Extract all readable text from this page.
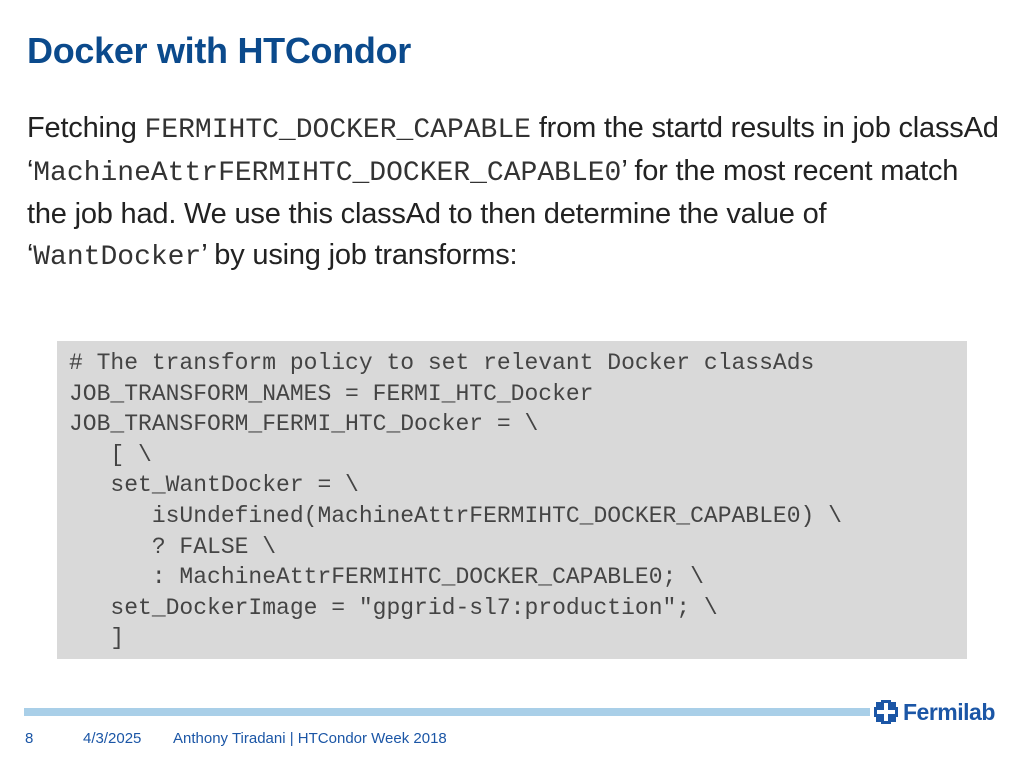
Docker with HTCondor
Fetching FERMIHTC_DOCKER_CAPABLE from the startd results in job classAd ‘MachineAttrFERMIHTC_DOCKER_CAPABLE0’ for the most recent match the job had. We use this classAd to then determine the value of ‘WantDocker’ by using job transforms:
# The transform policy to set relevant Docker classAds
JOB_TRANSFORM_NAMES = FERMI_HTC_Docker
JOB_TRANSFORM_FERMI_HTC_Docker = \
[ \
set_WantDocker = \
isUndefined(MachineAttrFERMIHTC_DOCKER_CAPABLE0) \
? FALSE \
: MachineAttrFERMIHTC_DOCKER_CAPABLE0; \
set_DockerImage = "gpgrid-sl7:production"; \
]
Fermilab
8	4/3/2025 Anthony Tiradani | HTCondor Week 2018
